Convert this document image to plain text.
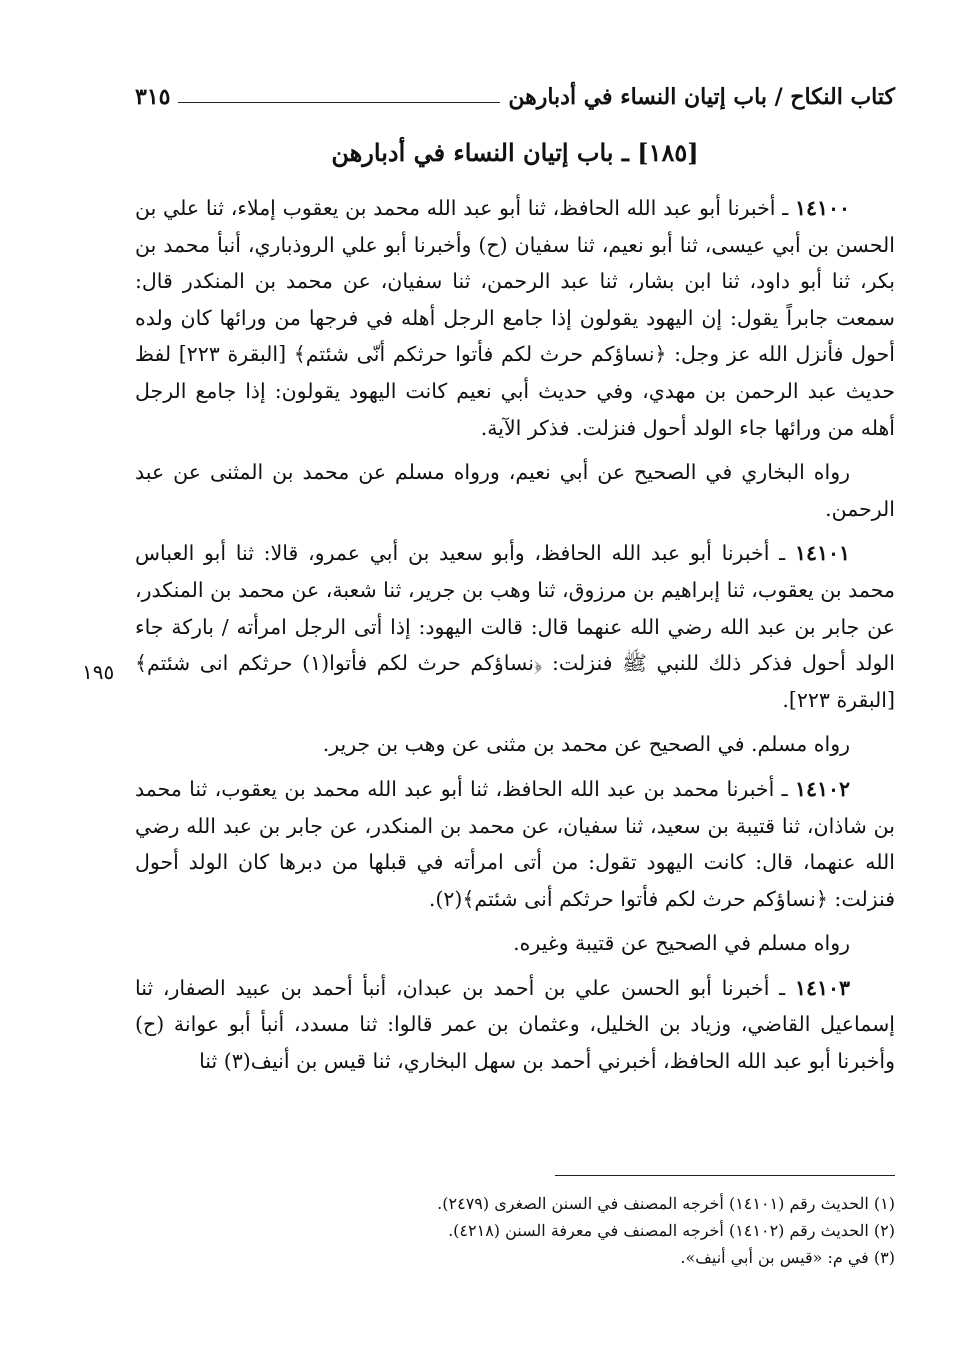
كتاب النكاح / باب إتيان النساء في أدبارهن
٣١٥
[١٨٥] ـ باب إتيان النساء في أدبارهن

١٤١٠٠ ـ أخبرنا أبو عبد الله الحافظ، ثنا أبو عبد الله محمد بن يعقوب إملاء، ثنا علي بن الحسن بن أبي عيسى، ثنا أبو نعيم، ثنا سفيان (ح) وأخبرنا أبو علي الروذباري، أنبأ محمد بن بكر، ثنا أبو داود، ثنا ابن بشار، ثنا عبد الرحمن، ثنا سفيان، عن محمد بن المنكدر قال: سمعت جابراً يقول: إن اليهود يقولون إذا جامع الرجل أهله في فرجها من ورائها كان ولده أحول فأنزل الله عز وجل: ﴿نساؤكم حرث لكم فأتوا حرثكم أنّى شئتم﴾ [البقرة ٢٢٣] لفظ حديث عبد الرحمن بن مهدي، وفي حديث أبي نعيم كانت اليهود يقولون: إذا جامع الرجل أهله من ورائها جاء الولد أحول فنزلت. فذكر الآية.

رواه البخاري في الصحيح عن أبي نعيم، ورواه مسلم عن محمد بن المثنى عن عبد الرحمن.

١٤١٠١ ـ أخبرنا أبو عبد الله الحافظ، وأبو سعيد بن أبي عمرو، قالا: ثنا أبو العباس محمد بن يعقوب، ثنا إبراهيم بن مرزوق، ثنا وهب بن جرير، ثنا شعبة، عن محمد بن المنكدر، عن جابر بن عبد الله رضي الله عنهما قال: قالت اليهود: إذا أتى الرجل امرأته / باركة جاء الولد أحول فذكر ذلك للنبي ﷺ فنزلت: ﴿نساؤكم حرث لكم فأتوا(١) حرثكم انى شئتم﴾ [البقرة ٢٢٣].

رواه مسلم. في الصحيح عن محمد بن مثنى عن وهب بن جرير.

١٤١٠٢ ـ أخبرنا محمد بن عبد الله الحافظ، ثنا أبو عبد الله محمد بن يعقوب، ثنا محمد بن شاذان، ثنا قتيبة بن سعيد، ثنا سفيان، عن محمد بن المنكدر، عن جابر بن عبد الله رضي الله عنهما، قال: كانت اليهود تقول: من أتى امرأته في قبلها من دبرها كان الولد أحول فنزلت: ﴿نساؤكم حرث لكم فأتوا حرثكم أنى شئتم﴾(٢).

رواه مسلم في الصحيح عن قتيبة وغيره.

١٤١٠٣ ـ أخبرنا أبو الحسن علي بن أحمد بن عبدان، أنبأ أحمد بن عبيد الصفار، ثنا إسماعيل القاضي، وزياد بن الخليل، وعثمان بن عمر قالوا: ثنا مسدد، أنبأ أبو عوانة (ح) وأخبرنا أبو عبد الله الحافظ، أخبرني أحمد بن سهل البخاري، ثنا قيس بن أنيف(٣) ثنا

١٩٥

(١) الحديث رقم (١٤١٠١) أخرجه المصنف في السنن الصغرى (٢٤٧٩).

(٢) الحديث رقم (١٤١٠٢) أخرجه المصنف في معرفة السنن (٤٢١٨).

(٣) في م: «قيس بن أبي أنيف».
